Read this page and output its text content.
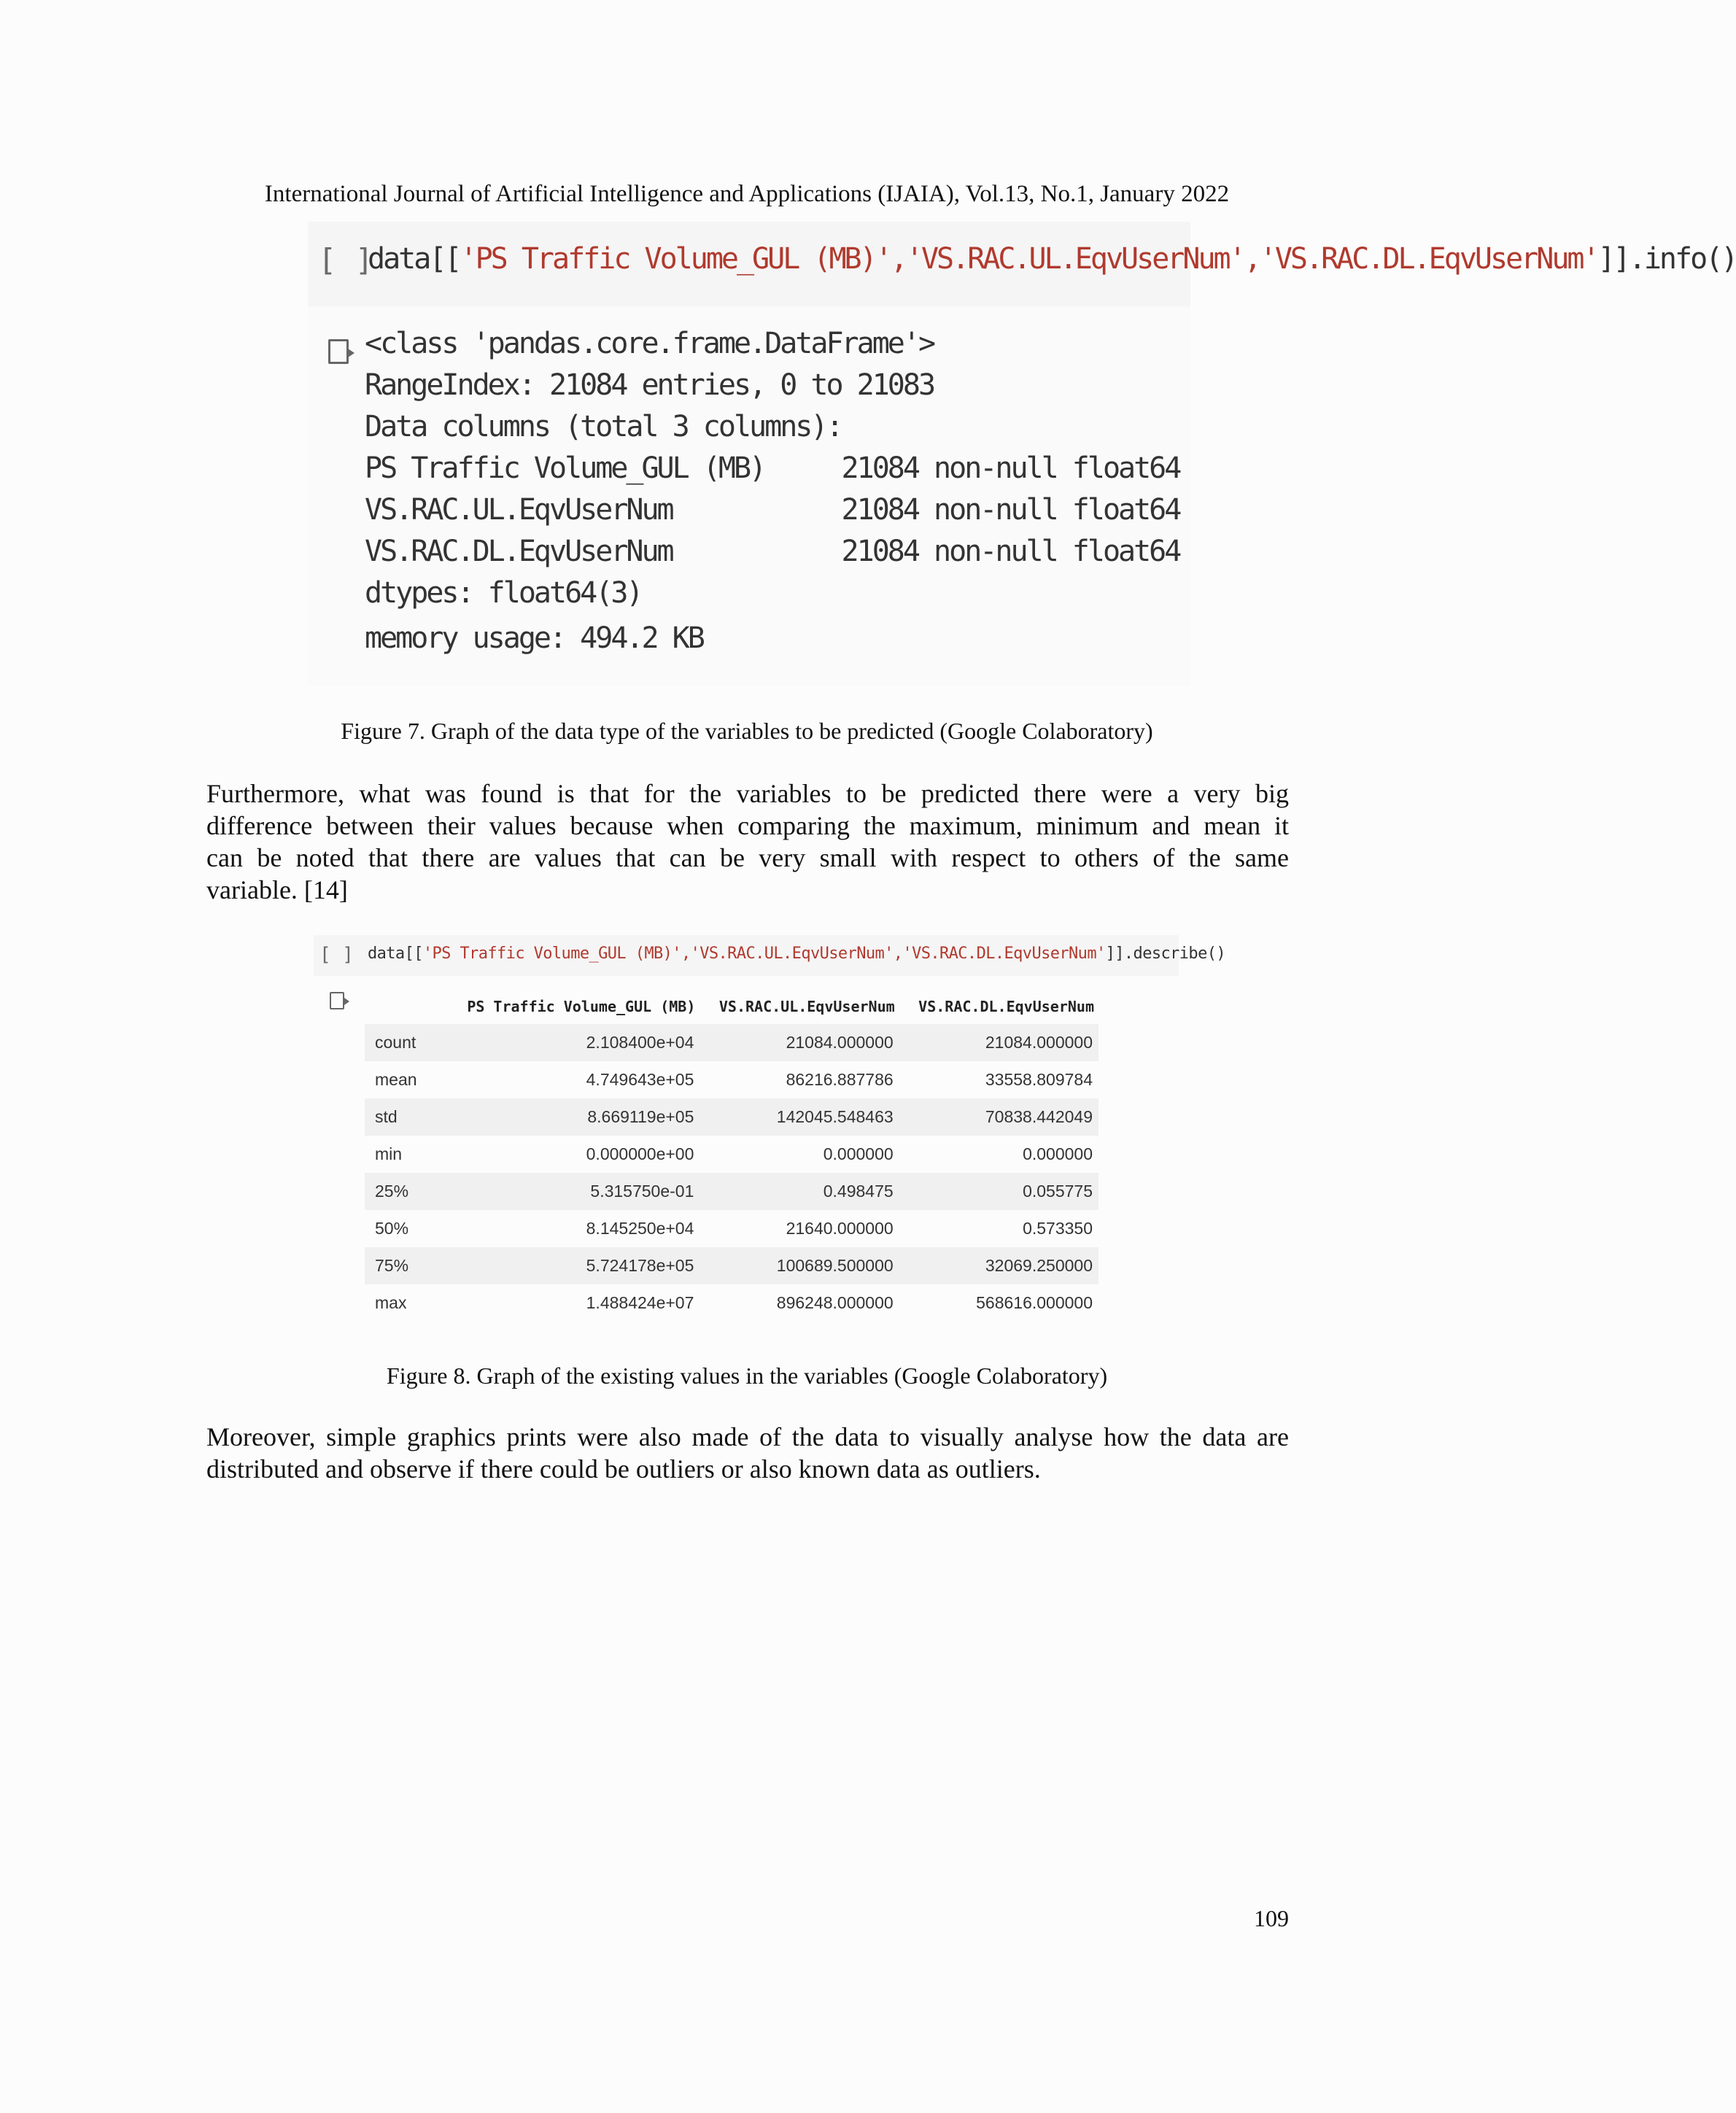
International Journal of Artificial Intelligence and Applications (IJAIA), Vol.13, No.1, January 2022
[ ]
data[['PS Traffic Volume_GUL (MB)','VS.RAC.UL.EqvUserNum','VS.RAC.DL.EqvUserNum']].info()
<class 'pandas.core.frame.DataFrame'>
RangeIndex: 21084 entries, 0 to 21083
Data columns (total 3 columns):
PS Traffic Volume_GUL (MB)     21084 non-null float64
VS.RAC.UL.EqvUserNum           21084 non-null float64
VS.RAC.DL.EqvUserNum           21084 non-null float64
dtypes: float64(3)
memory usage: 494.2 KB
Figure 7. Graph of the data type of the variables to be predicted (Google Colaboratory)
Furthermore, what was found is that for the variables to be predicted there were a very big
difference between their values because when comparing the maximum, minimum and mean it
can be noted that there are values that can be very small with respect to others of the same
variable. [14]
[ ] data[['PS Traffic Volume_GUL (MB)','VS.RAC.UL.EqvUserNum','VS.RAC.DL.EqvUserNum']].describe()
	PS Traffic Volume_GUL (MB)	VS.RAC.UL.EqvUserNum	VS.RAC.DL.EqvUserNum
count	2.108400e+04	21084.000000	21084.000000
mean	4.749643e+05	86216.887786	33558.809784
std	8.669119e+05	142045.548463	70838.442049
min	0.000000e+00	0.000000	0.000000
25%	5.315750e-01	0.498475	0.055775
50%	8.145250e+04	21640.000000	0.573350
75%	5.724178e+05	100689.500000	32069.250000
max	1.488424e+07	896248.000000	568616.000000
Figure 8. Graph of the existing values in the variables (Google Colaboratory)
Moreover, simple graphics prints were also made of the data to visually analyse how the data are
distributed and observe if there could be outliers or also known data as outliers.
109
